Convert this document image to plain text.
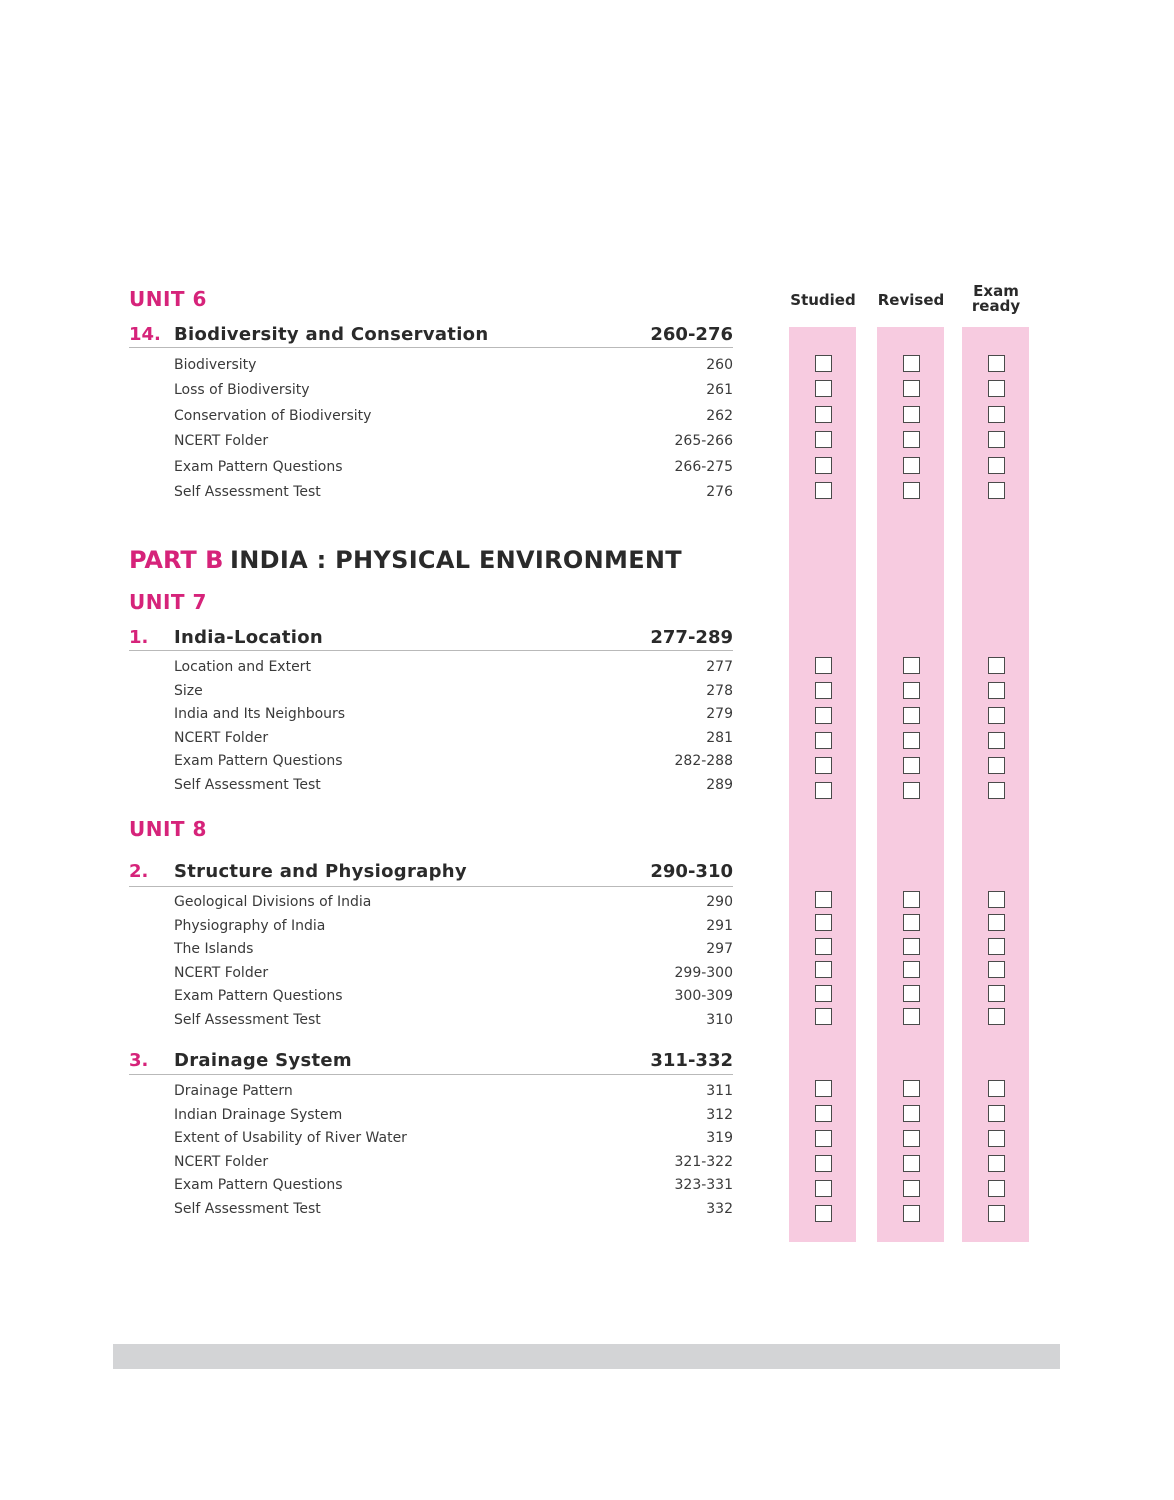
Studied Revised	Exam ready
UNIT 6
14. Biodiversity and Conservation	260-276
Biodiversity	260
Loss of Biodiversity	261
Conservation of Biodiversity	262
NCERT Folder	265-266
Exam Pattern Questions	266-275
Self Assessment Test	276
PART B INDIA : PHYSICAL ENVIRONMENT
UNIT 7
1. India-Location	277-289
Location and Extert	277
Size	278
India and Its Neighbours	279
NCERT Folder	281
Exam Pattern Questions	282-288
Self Assessment Test	289
UNIT 8
2. Structure and Physiography	290-310
Geological Divisions of India	290
Physiography of India	291
The Islands	297
NCERT Folder	299-300
Exam Pattern Questions	300-309
Self Assessment Test	310
3. Drainage System	311-332
Drainage Pattern	311
Indian Drainage System	312
Extent of Usability of River Water	319
NCERT Folder	321-322
Exam Pattern Questions	323-331
Self Assessment Test	332
